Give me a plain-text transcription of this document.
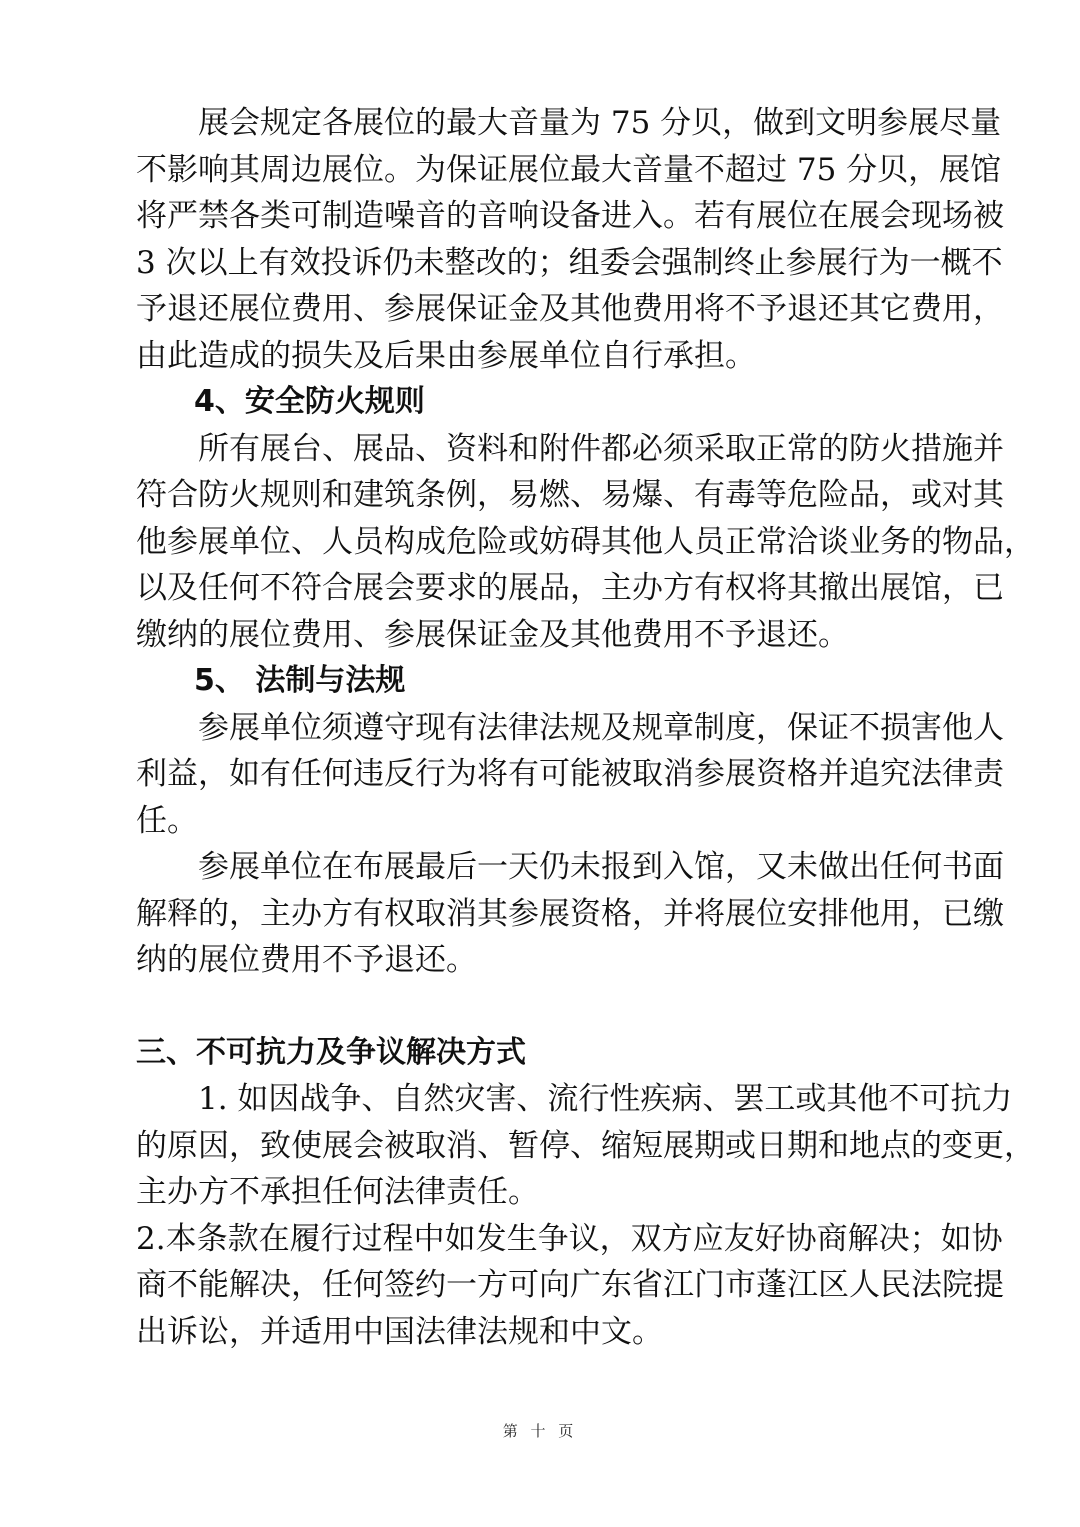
展会规定各展位的最大音量为 75 分贝，做到文明参展尽量
不影响其周边展位。为保证展位最大音量不超过 75 分贝，展馆
将严禁各类可制造噪音的音响设备进入。若有展位在展会现场被
3 次以上有效投诉仍未整改的；组委会强制终止参展行为一概不
予退还展位费用、参展保证金及其他费用将不予退还其它费用，
由此造成的损失及后果由参展单位自行承担。
4、安全防火规则
所有展台、展品、资料和附件都必须采取正常的防火措施并
符合防火规则和建筑条例，易燃、易爆、有毒等危险品，或对其
他参展单位、人员构成危险或妨碍其他人员正常洽谈业务的物品，
以及任何不符合展会要求的展品，主办方有权将其撤出展馆，已
缴纳的展位费用、参展保证金及其他费用不予退还。
5、 法制与法规
参展单位须遵守现有法律法规及规章制度，保证不损害他人
利益，如有任何违反行为将有可能被取消参展资格并追究法律责
任。
参展单位在布展最后一天仍未报到入馆，又未做出任何书面
解释的，主办方有权取消其参展资格，并将展位安排他用，已缴
纳的展位费用不予退还。
三、不可抗力及争议解决方式
1. 如因战争、自然灾害、流行性疾病、罢工或其他不可抗力
的原因，致使展会被取消、暂停、缩短展期或日期和地点的变更，
主办方不承担任何法律责任。
2.本条款在履行过程中如发生争议，双方应友好协商解决；如协
商不能解决，任何签约一方可向广东省江门市蓬江区人民法院提
出诉讼，并适用中国法律法规和中文。
第 十 页
